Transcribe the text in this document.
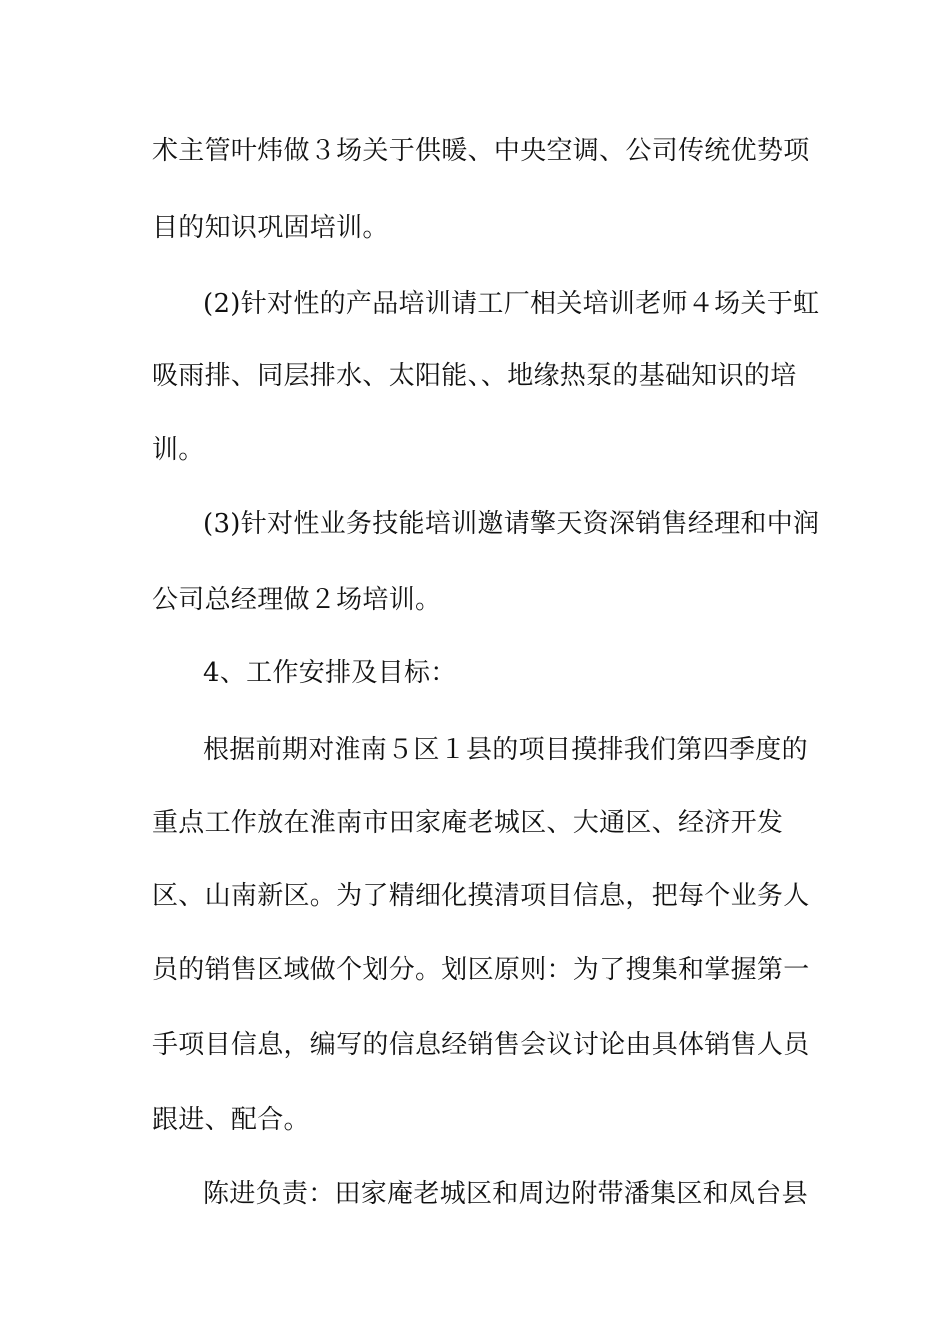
术主管叶炜做３场关于供暖、中央空调、公司传统优势项
目的知识巩固培训。
(2)针对性的产品培训请工厂相关培训老师４场关于虹
吸雨排、同层排水、太阳能、、地缘热泵的基础知识的培
训。
(3)针对性业务技能培训邀请擎天资深销售经理和中润
公司总经理做２场培训。
4、工作安排及目标：
根据前期对淮南５区１县的项目摸排我们第四季度的
重点工作放在淮南市田家庵老城区、大通区、经济开发
区、山南新区。为了精细化摸清项目信息，把每个业务人
员的销售区域做个划分。划区原则：为了搜集和掌握第一
手项目信息，编写的信息经销售会议讨论由具体销售人员
跟进、配合。
陈进负责：田家庵老城区和周边附带潘集区和凤台县
